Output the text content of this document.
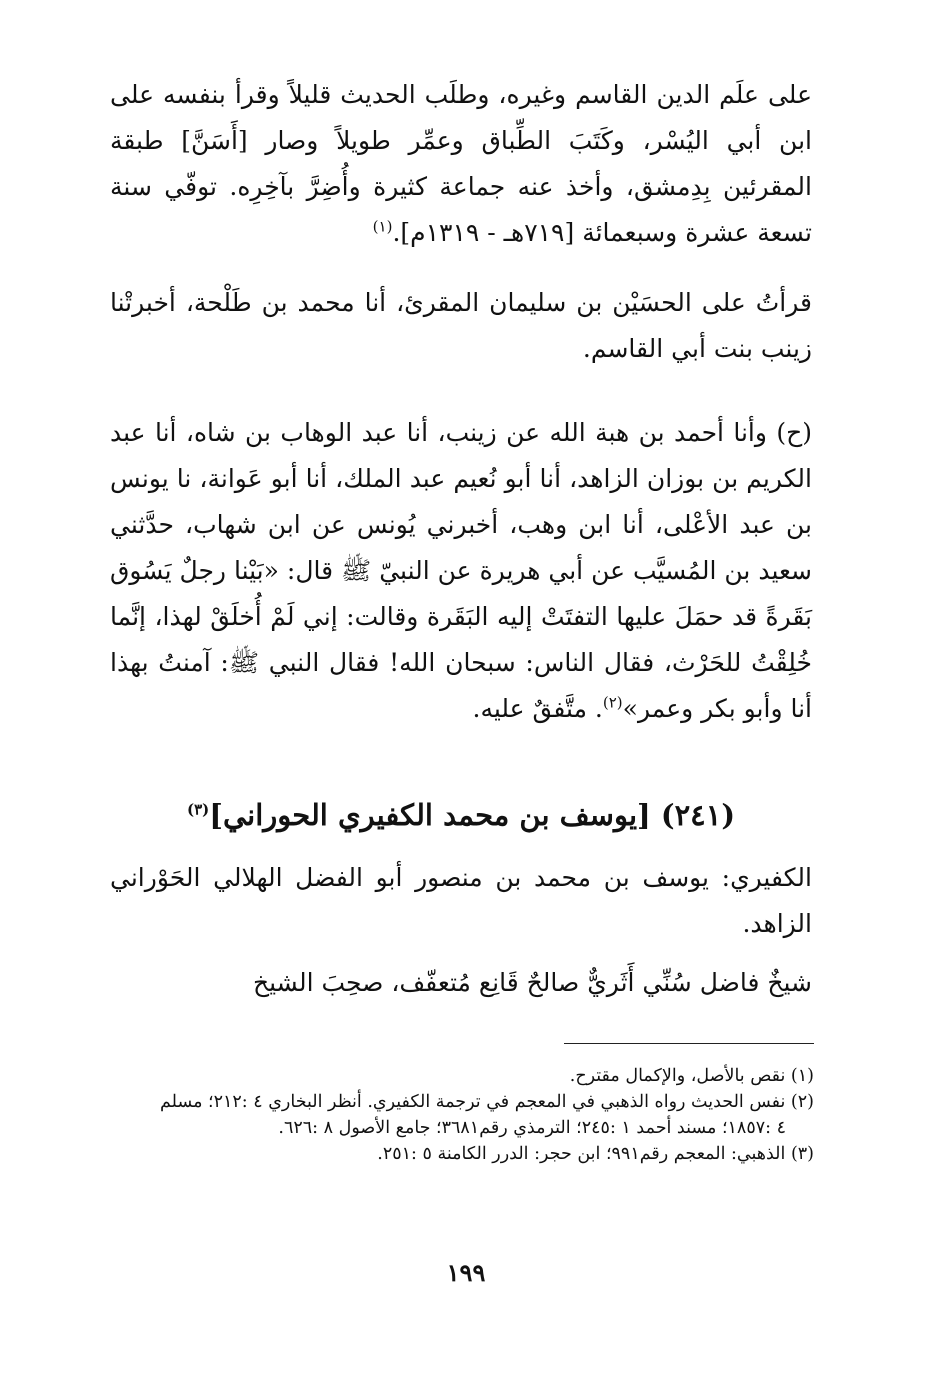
على علَم الدين القاسم وغيره، وطلَب الحديث قليلاً وقرأ بنفسه على ابن أبي اليُسْر، وكَتَبَ الطِّباق وعمِّر طويلاً وصار [أَسَنَّ] طبقة المقرئين بِدِمشق، وأخذ عنه جماعة كثيرة وأُضِرَّ بآخِرِه. توفّي سنة تسعة عشرة وسبعمائة [٧١٩هـ - ١٣١٩م].$^{(١)}$

قرأتُ على الحسَيْن بن سليمان المقرئ، أنا محمد بن طَلْحة، أخبرتْنا زينب بنت أبي القاسم.

(ح) وأنا أحمد بن هبة الله عن زينب، أنا عبد الوهاب بن شاه، أنا عبد الكريم بن بوزان الزاهد، أنا أبو نُعيم عبد الملك، أنا أبو عَوانة، نا يونس بن عبد الأعْلى، أنا ابن وهب، أخبرني يُونس عن ابن شهاب، حدَّثني سعيد بن المُسيَّب عن أبي هريرة عن النبيّ ﷺ قال: «بَيْنا رجلٌ يَسُوق بَقَرةً قد حمَلَ عليها التفتَتْ إليه البَقَرة وقالت: إني لَمْ أُخلَقْ لهذا، إنَّما خُلِقْتُ للحَرْث، فقال الناس: سبحان الله! فقال النبي ﷺ: آمنتُ بهذا أنا وأبو بكر وعمر»$^{(٢)}$. متَّفقٌ عليه.

(٢٤١) [يوسف بن محمد الكفيري الحوراني]$^{(٣)}$

الكفيري: يوسف بن محمد بن منصور أبو الفضل الهلالي الحَوْراني الزاهد.

شيخٌ فاضل سُنِّي أَثَريٌّ صالحٌ قَانِع مُتعفّف، صحِبَ الشيخ

(١) نقص بالأصل، والإكمال مقترح.

(٢) نفس الحديث رواه الذهبي في المعجم في ترجمة الكفيري. أنظر البخاري ٤ :٢١٢؛ مسلم

٤ :١٨٥٧؛ مسند أحمد ١ :٢٤٥؛ الترمذي رقم٣٦٨١؛ جامع الأصول ٨ :٦٢٦.

(٣) الذهبي: المعجم رقم٩٩١؛ ابن حجر: الدرر الكامنة ٥ :٢٥١.

١٩٩
